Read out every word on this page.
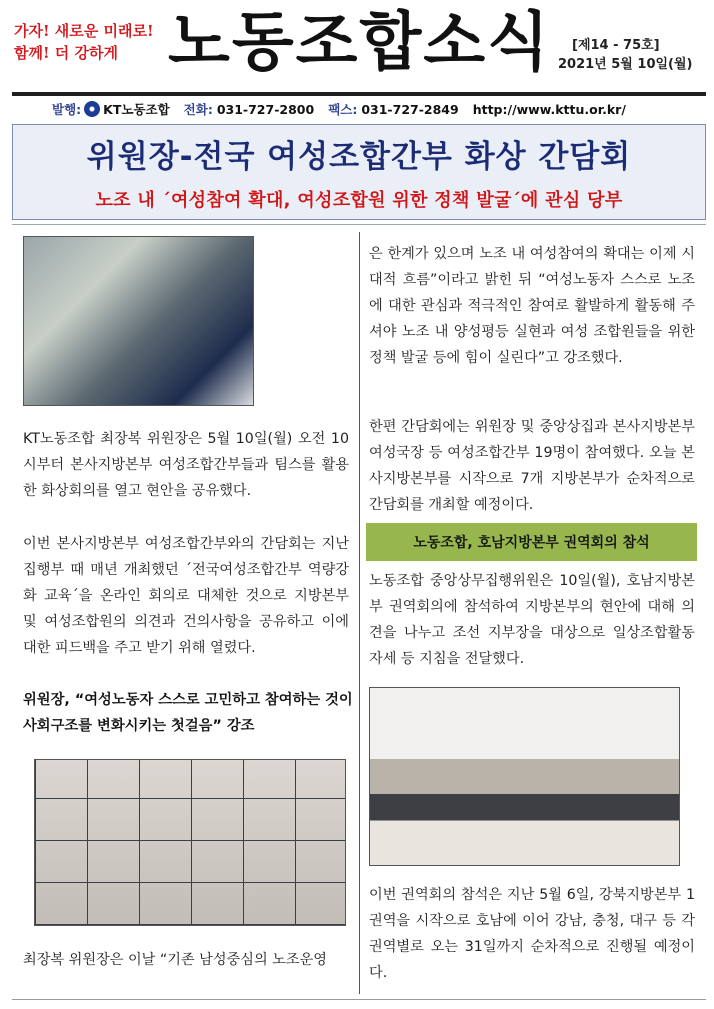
가자! 새로운 미래로!
함께! 더 강하게 노동조합소식	[제14 - 75호]
2021년 5월 10일(월)
발행: KT노동조합 전화: 031-727-2800 팩스: 031-727-2849 http://www.kttu.or.kr/
위원장-전국 여성조합간부 화상 간담회
노조 내 ´여성참여 확대, 여성조합원 위한 정책 발굴´에 관심 당부
KT노동조합 최장복 위원장은 5월 10일(월) 오전 10시부터 본사지방본부 여성조합간부들과 팀스를 활용한 화상회의를 열고 현안을 공유했다.
이번 본사지방본부 여성조합간부와의 간담회는 지난 집행부 때 매년 개최했던 ´전국여성조합간부 역량강화 교육´을 온라인 회의로 대체한 것으로 지방본부 및 여성조합원의 의견과 건의사항을 공유하고 이에 대한 피드백을 주고 받기 위해 열렸다.
위원장, “여성노동자 스스로 고민하고 참여하는 것이 사회구조를 변화시키는 첫걸음” 강조
최장복 위원장은 이날 “기존 남성중심의 노조운영
은 한계가 있으며 노조 내 여성참여의 확대는 이제 시대적 흐름”이라고 밝힌 뒤 “여성노동자 스스로 노조에 대한 관심과 적극적인 참여로 활발하게 활동해 주셔야 노조 내 양성평등 실현과 여성 조합원들을 위한 정책 발굴 등에 힘이 실린다”고 강조했다.
한편 간담회에는 위원장 및 중앙상집과 본사지방본부 여성국장 등 여성조합간부 19명이 참여했다. 오늘 본사지방본부를 시작으로 7개 지방본부가 순차적으로 간담회를 개최할 예정이다.
노동조합, 호남지방본부 권역회의 참석
노동조합 중앙상무집행위원은 10일(월), 호남지방본부 권역회의에 참석하여 지방본부의 현안에 대해 의견을 나누고 조선 지부장을 대상으로 일상조합활동 자세 등 지침을 전달했다.
이번 권역회의 참석은 지난 5월 6일, 강북지방본부 1권역을 시작으로 호남에 이어 강남, 충청, 대구 등 각 권역별로 오는 31일까지 순차적으로 진행될 예정이다.
